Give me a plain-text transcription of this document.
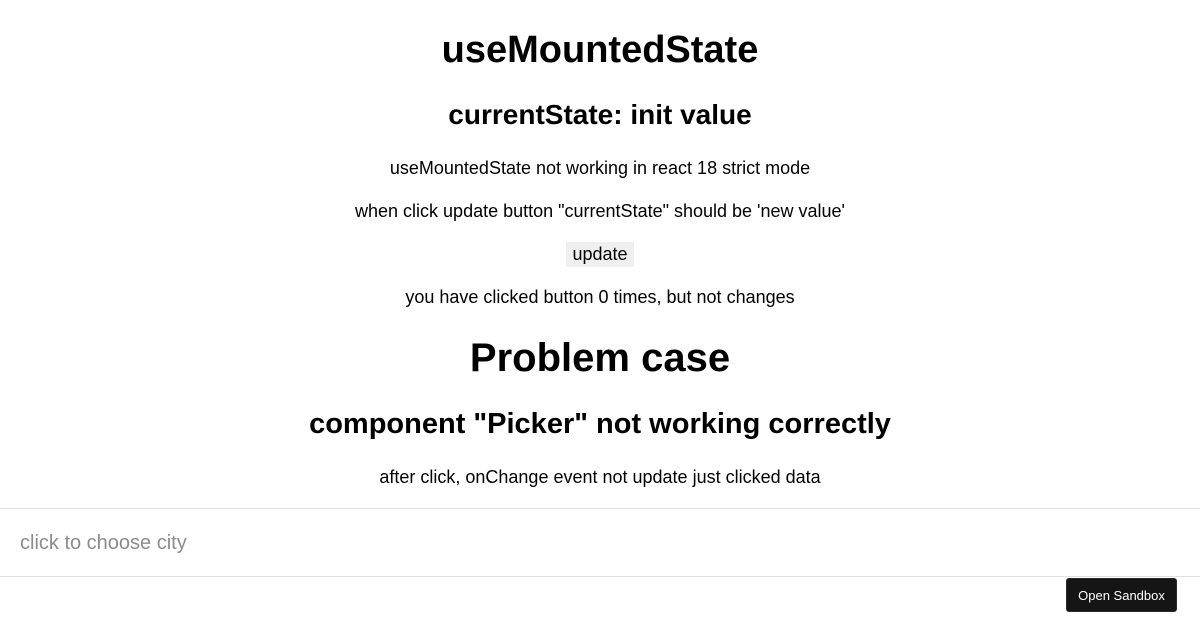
useMountedState
currentState: init value

useMountedState not working in react 18 strict mode

when click update button "currentState" should be 'new value'

update

you have clicked button 0 times, but not changes

Problem case
component "Picker" not working correctly

after click, onChange event not update just clicked data

click to choose city
Open Sandbox
